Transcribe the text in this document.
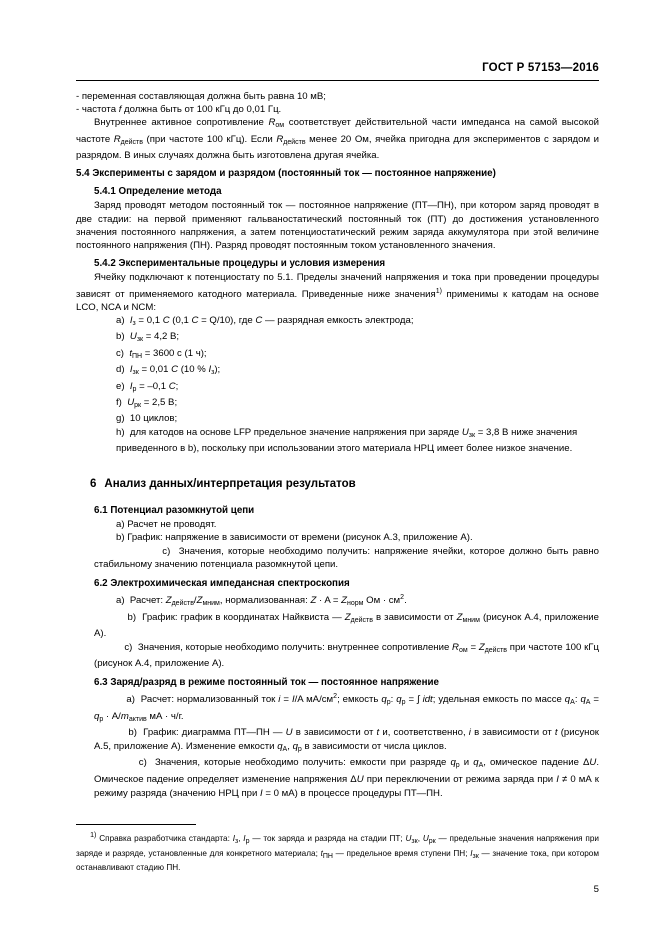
ГОСТ Р 57153—2016
- переменная составляющая должна быть равна 10 мВ;
- частота f должна быть от 100 кГц до 0,01 Гц.

Внутреннее активное сопротивление $R_{ом}$ соответствует действительной части импеданса на самой высокой частоте $R_{действ}$ (при частоте 100 кГц). Если $R_{действ}$ менее 20 Ом, ячейка пригодна для экспериментов с зарядом и разрядом. В иных случаях должна быть изготовлена другая ячейка.

5.4 Эксперименты с зарядом и разрядом (постоянный ток — постоянное напряжение)
5.4.1 Определение метода

Заряд проводят методом постоянный ток — постоянное напряжение (ПТ—ПН), при котором заряд проводят в две стадии: на первой применяют гальваностатический постоянный ток (ПТ) до достижения установленного значения постоянного напряжения, а затем потенциостатический режим заряда аккумулятора при этой величине постоянного напряжения (ПН). Разряд проводят постоянным током установленного значения.

5.4.2 Экспериментальные процедуры и условия измерения

Ячейку подключают к потенциостату по 5.1. Пределы значений напряжения и тока при проведении процедуры зависят от применяемого катодного материала. Приведенные ниже значения$^{1)}$ применимы к катодам на основе LCO, NCA и NCM:

a)  $I_з = 0,1$ C (0,1 C = Q/10), где C — разрядная емкость электрода;
b)  $U_{зк} = 4,2$ В;
c)  $t_{ПН} = 3600$ с (1 ч);
d)  $I_{зк} = 0,01$ C (10 % $I_з$);
e)  $I_р = -0,1$ C;
f)  $U_{рк} = 2,5$ В;
g)  10 циклов;
h)  для катодов на основе LFP предельное значение напряжения при заряде $U_{зк} = 3,8$ В ниже значения приведенного в b), поскольку при использовании этого материала НРЦ имеет более низкое значение.
6 Анализ данных/интерпретация результатов
6.1 Потенциал разомкнутой цепи
a) Расчет не проводят.
b) График: напряжение в зависимости от времени (рисунок А.3, приложение А).
c)  Значения, которые необходимо получить: напряжение ячейки, которое должно быть равно стабильному значению потенциала разомкнутой цепи.
6.2 Электрохимическая импедансная спектроскопия
a)  Расчет: $Z_{действ}/Z_{мним}$, нормализованная: $Z \cdot A = Z_{норм}$ Ом · $см^2$.
b)  График: график в координатах Найквиста — $Z_{действ}$ в зависимости от $Z_{мним}$ (рисунок А.4, приложение А).
c)  Значения, которые необходимо получить: внутреннее сопротивление $R_{ом} = Z_{действ}$ при частоте 100 кГц (рисунок А.4, приложение А).
6.3 Заряд/разряд в режиме постоянный ток — постоянное напряжение
a)  Расчет: нормализованный ток i = I/A $мА/см^2$; емкость $q_р$: $q_р$ = ∫ idt; удельная емкость по массе $q_A$: $q_A = q_р \cdot A/m_{актив}$ мА · ч/г.
b)  График: диаграмма ПТ—ПН — U в зависимости от t и, соответственно, i в зависимости от t (рисунок А.5, приложение А). Изменение емкости $q_A$, $q_р$ в зависимости от числа циклов.
c)  Значения, которые необходимо получить: емкости при разряде $q_р$ и $q_A$, омическое падение ΔU. Омическое падение определяет изменение напряжения ΔU при переключении от режима заряда при I ≠ 0 мА к режиму разряда (значению НРЦ при I = 0 мА) в процессе процедуры ПТ—ПН.
$^{1)}$ Справка разработчика стандарта: $I_з$, $I_р$ — ток заряда и разряда на стадии ПТ; $U_{зк}$, $U_{рк}$ — предельные значения напряжения при заряде и разряде, установленные для конкретного материала; $t_{ПН}$ — предельное время ступени ПН; $I_{зк}$ — значение тока, при котором останавливают стадию ПН.
5
